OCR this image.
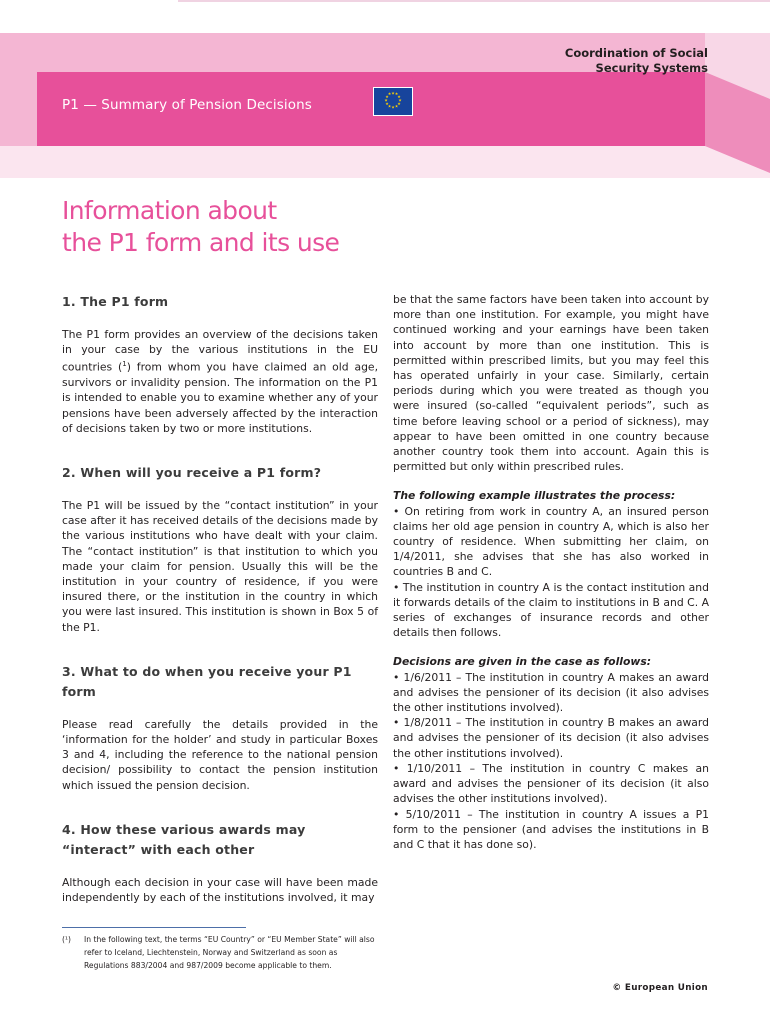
Coordination of Social
Security Systems
P1 — Summary of Pension Decisions
★ ★
★
★
★
★
★
★
★
★
★
★
Information about
the P1 form and its use
1. The P1 form

The P1 form provides an overview of the decisions taken in your case by the various institutions in the EU countries ($^1$) from whom you have claimed an old age, survivors or invalidity pension. The information on the P1 is intended to enable you to examine whether any of your pensions have been adversely affected by the interaction of decisions taken by two or more institutions.

2. When will you receive a P1 form?

The P1 will be issued by the “contact institution” in your case after it has received details of the decisions made by the various institutions who have dealt with your claim. The “contact institution” is that institution to which you made your claim for pension. Usually this will be the institution in your country of residence, if you were insured there, or the institution in the country in which you were last insured. This institution is shown in Box 5 of the P1.

3. What to do when you receive your P1 form

Please read carefully the details provided in the ‘information for the holder’ and study in particular Boxes 3 and 4, including the reference to the national pension decision/ possibility to contact the pension institution which issued the pension decision.

4. How these various awards may “interact” with each other

Although each decision in your case will have been made independently by each of the institutions involved, it may

be that the same factors have been taken into account by more than one institution. For example, you might have continued working and your earnings have been taken into account by more than one institution. This is permitted within prescribed limits, but you may feel this has operated unfairly in your case. Similarly, certain periods during which you were treated as though you were insured (so-called “equivalent periods”, such as time before leaving school or a period of sickness), may appear to have been omitted in one country because another country took them into account. Again this is permitted but only within prescribed rules.

The following example illustrates the process:

• On retiring from work in country A, an insured person claims her old age pension in country A, which is also her country of residence. When submitting her claim, on 1/4/2011, she advises that she has also worked in countries B and C.

• The institution in country A is the contact institution and it forwards details of the claim to institutions in B and C. A series of exchanges of insurance records and other details then follows.

Decisions are given in the case as follows:

• 1/6/2011 – The institution in country A makes an award and advises the pensioner of its decision (it also advises the other institutions involved).

• 1/8/2011 – The institution in country B makes an award and advises the pensioner of its decision (it also advises the other institutions involved).

• 1/10/2011 – The institution in country C makes an award and advises the pensioner of its decision (it also advises the other institutions involved).

• 5/10/2011 – The institution in country A issues a P1 form to the pensioner (and advises the institutions in B and C that it has done so).

(¹) In the following text, the terms “EU Country” or “EU Member State” will also refer to Iceland, Liechtenstein, Norway and Switzerland as soon as Regulations 883/2004 and 987/2009 become applicable to them.
© European Union
